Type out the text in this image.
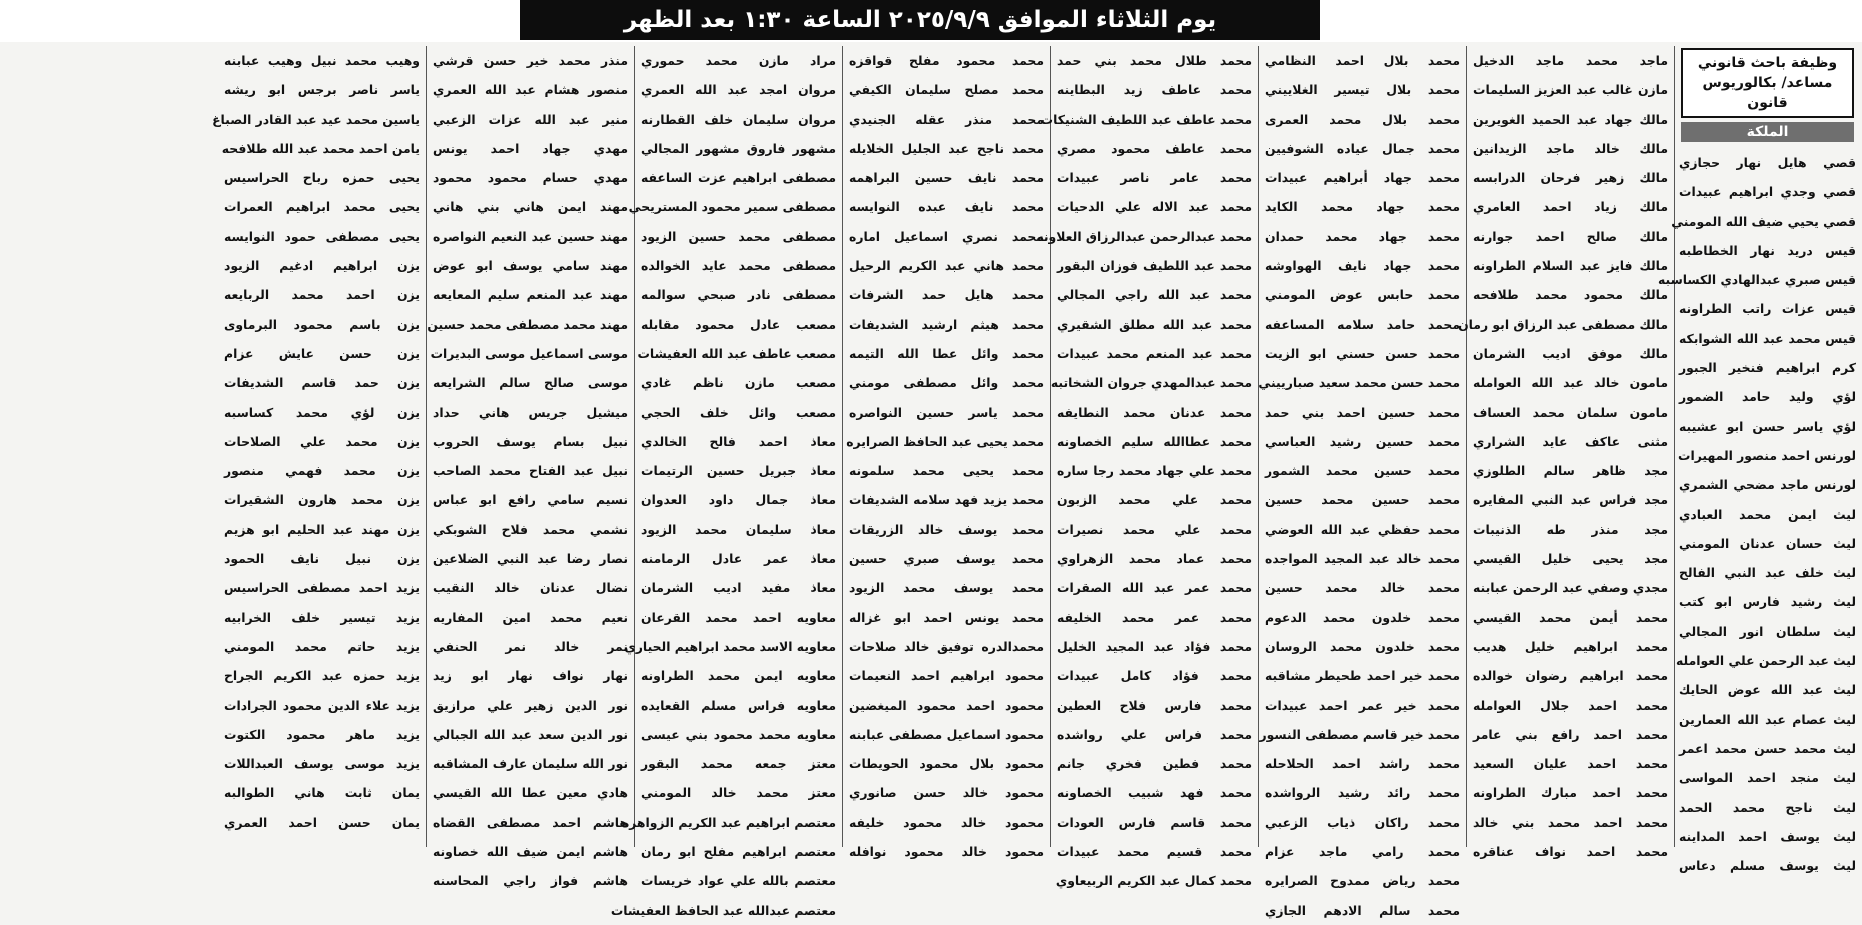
يوم الثلاثاء الموافق ٢٠٢٥/٩/٩ الساعة ١:٣٠ بعد الظهر
وظيفة باحث قانوني مساعد/ بكالوريوس قانون
الملكة
قصي هايل نهار حجازي
قصي وجدي ابراهيم عبيدات
قصي يحيي ضيف الله المومني
قيس دريد نهار الخطاطبه
قيس صبري عبدالهادي الكساسبه
قيس عزات راتب الطراونه
قيس محمد عبد الله الشوابكه
كرم ابراهيم فنخير الجبور
لؤي وليد حامد الضمور
لؤي ياسر حسن ابو عشيبه
لورنس احمد منصور المهيرات
لورنس ماجد مضحي الشمري
ليث ايمن محمد العبادي
ليث حسان عدنان المومني
ليث خلف عبد النبي الفالح
ليث رشيد فارس ابو كتب
ليث سلطان انور المجالي
ليث عبد الرحمن علي العوامله
ليث عبد الله عوض الحايك
ليث عصام عبد الله العمارين
ليث محمد حسن محمد اعمر
ليث منجد احمد المواسى
ليث ناجح محمد الحمد
ليث يوسف احمد المداينه
ليث يوسف مسلم دعاس
ماجد محمد ماجد الدخيل
مازن غالب عبد العزيز السليمات
مالك جهاد عبد الحميد الغويرين
مالك خالد ماجد الزيدانين
مالك زهير فرحان الدرابسه
مالك زياد احمد العامري
مالك صالح احمد جوارنه
مالك فايز عبد السلام الطراونه
مالك محمود محمد طلافحه
مالك مصطفى عبد الرزاق ابو رمان
مالك موفق اديب الشرمان
مامون خالد عبد الله العوامله
مامون سلمان محمد العساف
مثنى عاكف عايد الشراري
مجد ظاهر سالم الطلوزي
مجد فراس عبد النبي المفايره
مجد منذر طه الذنيبات
مجد يحيى خليل القيسي
مجدي وصفي عبد الرحمن عبابنه
محمد أيمن محمد القيسي
محمد ابراهيم خليل هديب
محمد ابراهيم رضوان خوالده
محمد احمد جلال العوامله
محمد احمد رافع بني عامر
محمد احمد عليان السعيد
محمد احمد مبارك الطراونه
محمد احمد محمد بني خالد
محمد احمد نواف عناقره
محمد بلال احمد النظامي
محمد بلال تيسير الغلاييني
محمد بلال محمد العمرى
محمد جمال عياده الشوفيين
محمد جهاد أبراهيم عبيدات
محمد جهاد محمد الكايد
محمد جهاد محمد حمدان
محمد جهاد نايف الهواوشه
محمد حابس عوض المومني
محمد حامد سلامه المساعفه
محمد حسن حسني ابو الزيت
محمد حسن محمد سعيد صبارييني
محمد حسين احمد بني حمد
محمد حسين رشيد العباسي
محمد حسين محمد الشمور
محمد حسين محمد حسين
محمد حفظي عبد الله العوضي
محمد خالد عبد المجيد المواجده
محمد خالد محمد حسين
محمد خلدون محمد الدعوم
محمد خلدون محمد الروسان
محمد خير احمد طحيطر مشاقبه
محمد خير عمر احمد عبيدات
محمد خير قاسم مصطفى النسور
محمد راشد احمد الحلاحله
محمد رائد رشيد الرواشده
محمد راكان ذياب الزعبي
محمد رامي ماجد عزام
محمد رياض ممدوح الصرايره
محمد سالم الادهم الجازي
محمد طلال محمد بني حمد
محمد عاطف زيد البطاينه
محمد عاطف عبد اللطيف الشنيكات
محمد عاطف محمود مصري
محمد عامر ناصر عبيدات
محمد عبد الاله علي الدحيات
محمد عبدالرحمن عبدالرزاق العلاونه
محمد عبد اللطيف فوزان البقور
محمد عبد الله راجي المجالي
محمد عبد الله مطلق الشقيري
محمد عبد المنعم محمد عبيدات
محمد عبدالمهدي جروان الشخاتبه
محمد عدنان محمد النطايفه
محمد عطاالله سليم الخصاونه
محمد علي جهاد محمد رجا ساره
محمد علي محمد الزبون
محمد علي محمد نصيرات
محمد عماد محمد الزهراوي
محمد عمر عبد الله الصقرات
محمد عمر محمد الخليفه
محمد فؤاد عبد المجيد الخليل
محمد فؤاد كامل عبيدات
محمد فارس فلاح العطين
محمد فراس علي رواشده
محمد فطين فخري جانم
محمد فهد شبيب الخصاونه
محمد قاسم فارس العودات
محمد قسيم محمد عبيدات
محمد كمال عبد الكريم الربيعاوي
محمد محمود مفلح قواقزه
محمد مصلح سليمان الكيفي
محمد منذر عقله الجنيدي
محمد ناجح عبد الجليل الخلايله
محمد نايف حسين البراهمه
محمد نايف عبده النوايسه
محمد نصري اسماعيل اماره
محمد هاني عبد الكريم الرحيل
محمد هايل حمد الشرفات
محمد هيثم ارشيد الشديفات
محمد وائل عطا الله التيمه
محمد وائل مصطفى مومني
محمد ياسر حسين النواصره
محمد يحيى عبد الحافظ الصرايره
محمد يحيى محمد سلمونه
محمد يزيد فهد سلامه الشديفات
محمد يوسف خالد الزريقات
محمد يوسف صبري حسين
محمد يوسف محمد الزيود
محمد يونس احمد ابو غزاله
محمدالدره توفيق خالد صلاحات
محمود ابراهيم احمد النعيمات
محمود احمد محمود الميغضين
محمود اسماعيل مصطفى عبابنه
محمود بلال محمود الحويطات
محمود خالد حسن صانوري
محمود خالد محمود خليفه
محمود خالد محمود نوافله
مراد مازن محمد حموري
مروان امجد عبد الله العمري
مروان سليمان خلف القطارنه
مشهور فاروق مشهور المجالي
مصطفى ابراهيم عزت الساعفه
مصطفى سمير محمود المستريحي
مصطفى محمد حسين الزيود
مصطفى محمد عايد الخوالده
مصطفى نادر صبحي سوالمه
مصعب عادل محمود مقابله
مصعب عاطف عبد الله العفيشات
مصعب مازن ناظم غادي
مصعب وائل خلف الحجي
معاذ احمد فالح الخالدي
معاذ جبريل حسين الرتيمات
معاذ جمال داود العدوان
معاذ سليمان محمد الزيود
معاذ عمر عادل الرمامنه
معاذ مفيد اديب الشرمان
معاويه احمد محمد القرعان
معاويه الاسد محمد ابراهيم الحياري
معاويه ايمن محمد الطراونه
معاويه فراس مسلم القعايده
معاويه محمد محمود بني عيسى
معتز جمعه محمد البقور
معتز محمد خالد المومني
معتصم ابراهيم عبد الكريم الزواهره
معتصم ابراهيم مفلح ابو رمان
معتصم بالله علي عواد خريسات
معتصم عبدالله عبد الحافظ العفيشات
منذر محمد خير حسن قرشي
منصور هشام عبد الله العمري
منير عبد الله عزات الزعبي
مهدي جهاد احمد يونس
مهدي حسام محمود محمود
مهند ايمن هاني بني هاني
مهند حسين عبد النعيم النواصره
مهند سامي يوسف ابو عوض
مهند عبد المنعم سليم المعايعه
مهند محمد مصطفى محمد حسين
موسى اسماعيل موسى البديرات
موسى صالح سالم الشرايعه
ميشيل جريس هاني حداد
نبيل بسام يوسف الحروب
نبيل عبد الفتاح محمد الصاحب
نسيم سامي رافع ابو عباس
نشمي محمد فلاح الشوبكي
نصار رضا عبد النبي الضلاعين
نضال عدنان خالد النقيب
نعيم محمد امين المفاريه
نمر خالد نمر الحنفي
نهار نواف نهار ابو زيد
نور الدين زهير علي مرازيق
نور الدين سعد عبد الله الجبالي
نور الله سليمان عارف المشاقبه
هادي معين عطا الله القيسي
هاشم احمد مصطفى القضاه
هاشم ايمن ضيف الله خصاونه
هاشم فواز راجي المحاسنه
وهيب محمد نبيل وهيب عبابنه
ياسر ناصر برجس ابو ريشه
ياسين محمد عيد عبد القادر الصباغ
يامن احمد محمد عبد الله طلافحه
يحيى حمزه رباح الحراسيس
يحيى محمد ابراهيم العمرات
يحيى مصطفى حمود النوايسه
يزن ابراهيم ادغيم الزيود
يزن احمد محمد الربايعه
يزن باسم محمود البرماوى
يزن حسن عايش عزام
يزن حمد قاسم الشديفات
يزن لؤي محمد كساسبه
يزن محمد علي الصلاحات
يزن محمد فهمي منصور
يزن محمد هارون الشقيرات
يزن مهند عبد الحليم ابو هزيم
يزن نبيل نايف الحمود
يزيد احمد مصطفى الحراسيس
يزيد تيسير خلف الخرابيه
يزيد حاتم محمد المومني
يزيد حمزه عبد الكريم الجراح
يزيد علاء الدين محمود الجرادات
يزيد ماهر محمود الكتوت
يزيد موسى يوسف العبداللات
يمان ثابت هاني الطوالبه
يمان حسن احمد العمري
